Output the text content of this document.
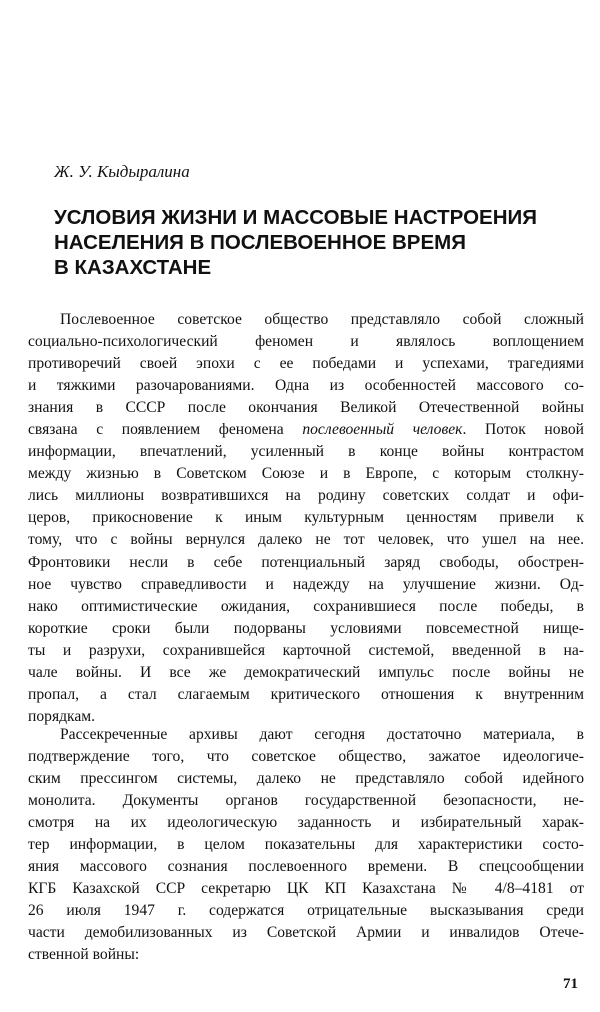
Ж. У. Кыдыралина
УСЛОВИЯ ЖИЗНИ И МАССОВЫЕ НАСТРОЕНИЯ
НАСЕЛЕНИЯ В ПОСЛЕВОЕННОЕ ВРЕМЯ
В КАЗАХСТАНЕ
Послевоенное советское общество представляло собой сложный
социально-психологический феномен и являлось воплощением
противоречий своей эпохи с ее победами и успехами, трагедиями
и тяжкими разочарованиями. Одна из особенностей массового со-
знания в СССР после окончания Великой Отечественной войны
связана с появлением феномена послевоенный человек. Поток новой
информации, впечатлений, усиленный в конце войны контрастом
между жизнью в Советском Союзе и в Европе, с которым столкну-
лись миллионы возвратившихся на родину советских солдат и офи-
церов, прикосновение к иным культурным ценностям привели к
тому, что с войны вернулся далеко не тот человек, что ушел на нее.
Фронтовики несли в себе потенциальный заряд свободы, обострен-
ное чувство справедливости и надежду на улучшение жизни. Од-
нако оптимистические ожидания, сохранившиеся после победы, в
короткие сроки были подорваны условиями повсеместной нище-
ты и разрухи, сохранившейся карточной системой, введенной в на-
чале войны. И все же демократический импульс после войны не
пропал, а стал слагаемым критического отношения к внутренним
порядкам.
Рассекреченные архивы дают сегодня достаточно материала, в
подтверждение того, что советское общество, зажатое идеологиче-
ским прессингом системы, далеко не представляло собой идейного
монолита. Документы органов государственной безопасности, не-
смотря на их идеологическую заданность и избирательный харак-
тер информации, в целом показательны для характеристики состо-
яния массового сознания послевоенного времени. В спецсообщении
КГБ Казахской ССР секретарю ЦК КП Казахстана № 4/8–4181 от
26 июля 1947 г. содержатся отрицательные высказывания среди
части демобилизованных из Советской Армии и инвалидов Отече-
ственной войны:
71
